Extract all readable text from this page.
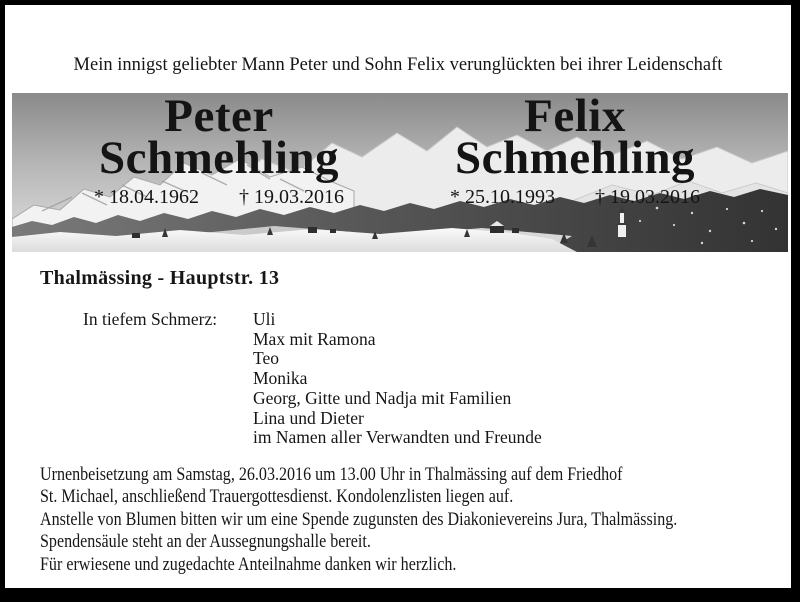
Mein innigst geliebter Mann Peter und Sohn Felix verunglückten bei ihrer Leidenschaft
Peter
Schmehling
* 18.04.1962 † 19.03.2016
Felix
Schmehling
* 25.10.1993 † 19.03.2016
Thalmässing - Hauptstr. 13
In tiefem Schmerz: Uli
Max mit Ramona
Teo
Monika
Georg, Gitte und Nadja mit Familien
Lina und Dieter
im Namen aller Verwandten und Freunde
Urnenbeisetzung am Samstag, 26.03.2016 um 13.00 Uhr in Thalmässing auf dem Friedhof
St. Michael, anschließend Trauergottesdienst. Kondolenzlisten liegen auf.
Anstelle von Blumen bitten wir um eine Spende zugunsten des Diakonievereins Jura, Thalmässing.
Spendensäule steht an der Aussegnungshalle bereit.
Für erwiesene und zugedachte Anteilnahme danken wir herzlich.
